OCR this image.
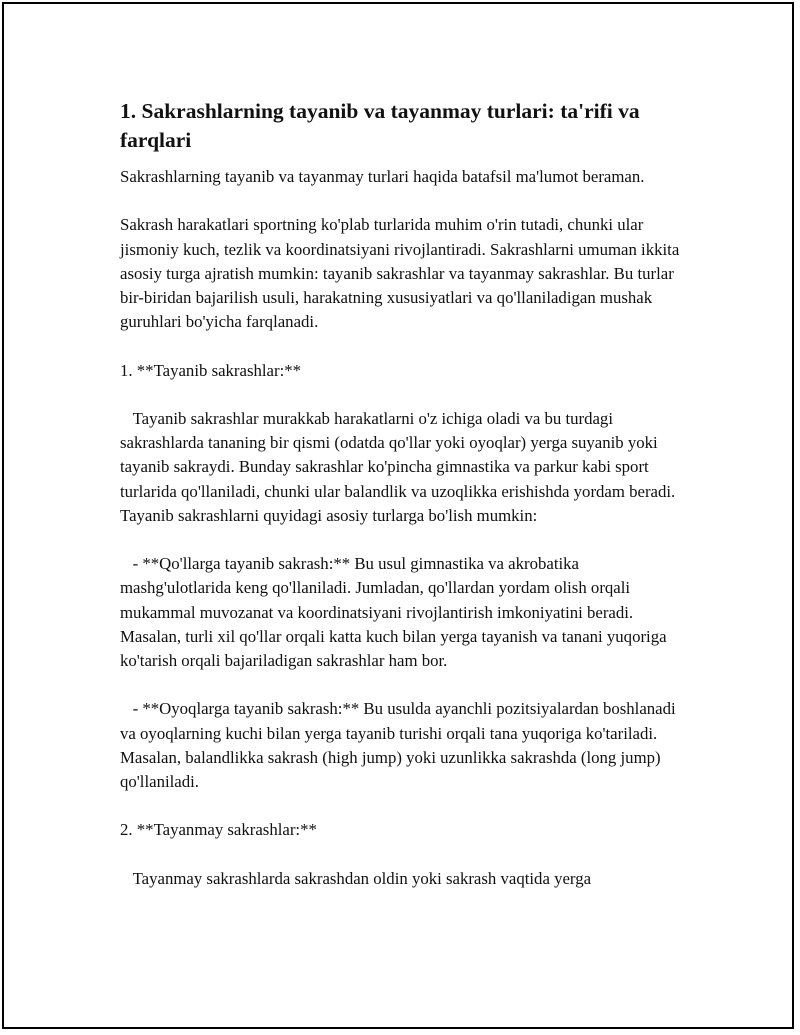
1. Sakrashlarning tayanib va tayanmay turlari: ta'rifi va farqlari
Sakrashlarning tayanib va tayanmay turlari haqida batafsil ma'lumot beraman.
Sakrash harakatlari sportning ko'plab turlarida muhim o'rin tutadi, chunki ular jismoniy kuch, tezlik va koordinatsiyani rivojlantiradi. Sakrashlarni umuman ikkita asosiy turga ajratish mumkin: tayanib sakrashlar va tayanmay sakrashlar. Bu turlar bir-biridan bajarilish usuli, harakatning xususiyatlari va qo'llaniladigan mushak guruhlari bo'yicha farqlanadi.
1. **Tayanib sakrashlar:**
Tayanib sakrashlar murakkab harakatlarni o'z ichiga oladi va bu turdagi sakrashlarda tananing bir qismi (odatda qo'llar yoki oyoqlar) yerga suyanib yoki tayanib sakraydi. Bunday sakrashlar ko'pincha gimnastika va parkur kabi sport turlarida qo'llaniladi, chunki ular balandlik va uzoqlikka erishishda yordam beradi. Tayanib sakrashlarni quyidagi asosiy turlarga bo'lish mumkin:
- **Qo'llarga tayanib sakrash:** Bu usul gimnastika va akrobatika mashg'ulotlarida keng qo'llaniladi. Jumladan, qo'llardan yordam olish orqali mukammal muvozanat va koordinatsiyani rivojlantirish imkoniyatini beradi. Masalan, turli xil qo'llar orqali katta kuch bilan yerga tayanish va tanani yuqoriga ko'tarish orqali bajariladigan sakrashlar ham bor.
- **Oyoqlarga tayanib sakrash:** Bu usulda ayanchli pozitsiyalardan boshlanadi va oyoqlarning kuchi bilan yerga tayanib turishi orqali tana yuqoriga ko'tariladi. Masalan, balandlikka sakrash (high jump) yoki uzunlikka sakrashda (long jump) qo'llaniladi.
2. **Tayanmay sakrashlar:**
Tayanmay sakrashlarda sakrashdan oldin yoki sakrash vaqtida yerga
